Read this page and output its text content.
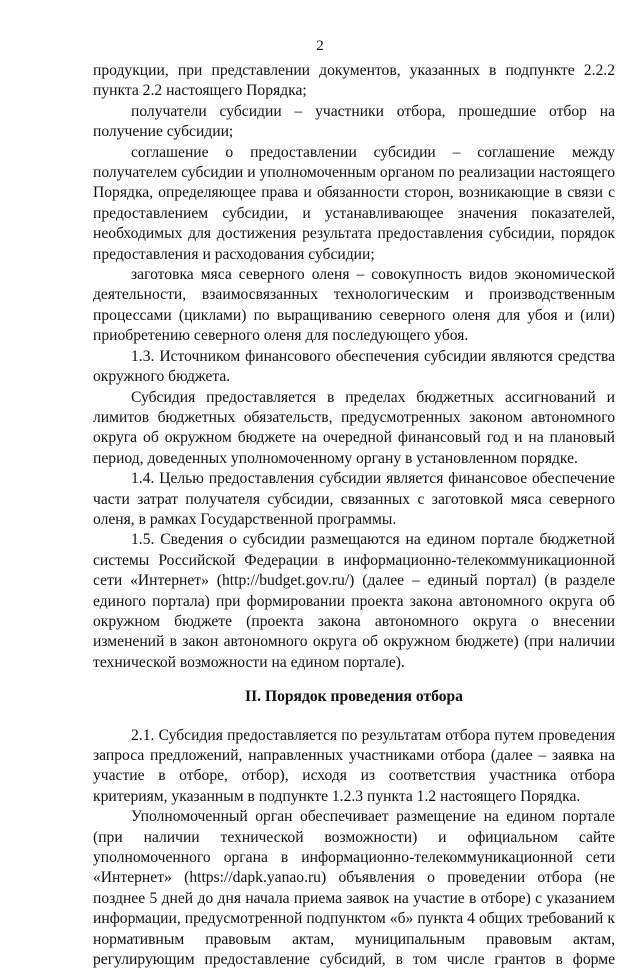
2

продукции, при представлении документов, указанных в подпункте 2.2.2 пункта 2.2 настоящего Порядка;

получатели субсидии – участники отбора, прошедшие отбор на получение субсидии;

соглашение о предоставлении субсидии – соглашение между получателем субсидии и уполномоченным органом по реализации настоящего Порядка, определяющее права и обязанности сторон, возникающие в связи с предоставлением субсидии, и устанавливающее значения показателей, необходимых для достижения результата предоставления субсидии, порядок предоставления и расходования субсидии;

заготовка мяса северного оленя – совокупность видов экономической деятельности, взаимосвязанных технологическим и производственным процессами (циклами) по выращиванию северного оленя для убоя и (или) приобретению северного оленя для последующего убоя.

1.3. Источником финансового обеспечения субсидии являются средства окружного бюджета.

Субсидия предоставляется в пределах бюджетных ассигнований и лимитов бюджетных обязательств, предусмотренных законом автономного округа об окружном бюджете на очередной финансовый год и на плановый период, доведенных уполномоченному органу в установленном порядке.

1.4. Целью предоставления субсидии является финансовое обеспечение части затрат получателя субсидии, связанных с заготовкой мяса северного оленя, в рамках Государственной программы.

1.5. Сведения о субсидии размещаются на едином портале бюджетной системы Российской Федерации в информационно-телекоммуникационной сети «Интернет» (http://budget.gov.ru/) (далее – единый портал) (в разделе единого портала) при формировании проекта закона автономного округа об окружном бюджете (проекта закона автономного округа о внесении изменений в закон автономного округа об окружном бюджете) (при наличии технической возможности на едином портале).

II. Порядок проведения отбора

2.1. Субсидия предоставляется по результатам отбора путем проведения запроса предложений, направленных участниками отбора (далее – заявка на участие в отборе, отбор), исходя из соответствия участника отбора критериям, указанным в подпункте 1.2.3 пункта 1.2 настоящего Порядка.

Уполномоченный орган обеспечивает размещение на едином портале (при наличии технической возможности) и официальном сайте уполномоченного органа в информационно-телекоммуникационной сети «Интернет» (https://dapk.yanao.ru) объявления о проведении отбора (не позднее 5 дней до дня начала приема заявок на участие в отборе) с указанием информации, предусмотренной подпунктом «б» пункта 4 общих требований к нормативным правовым актам, муниципальным правовым актам, регулирующим предоставление субсидий, в том числе грантов в форме
